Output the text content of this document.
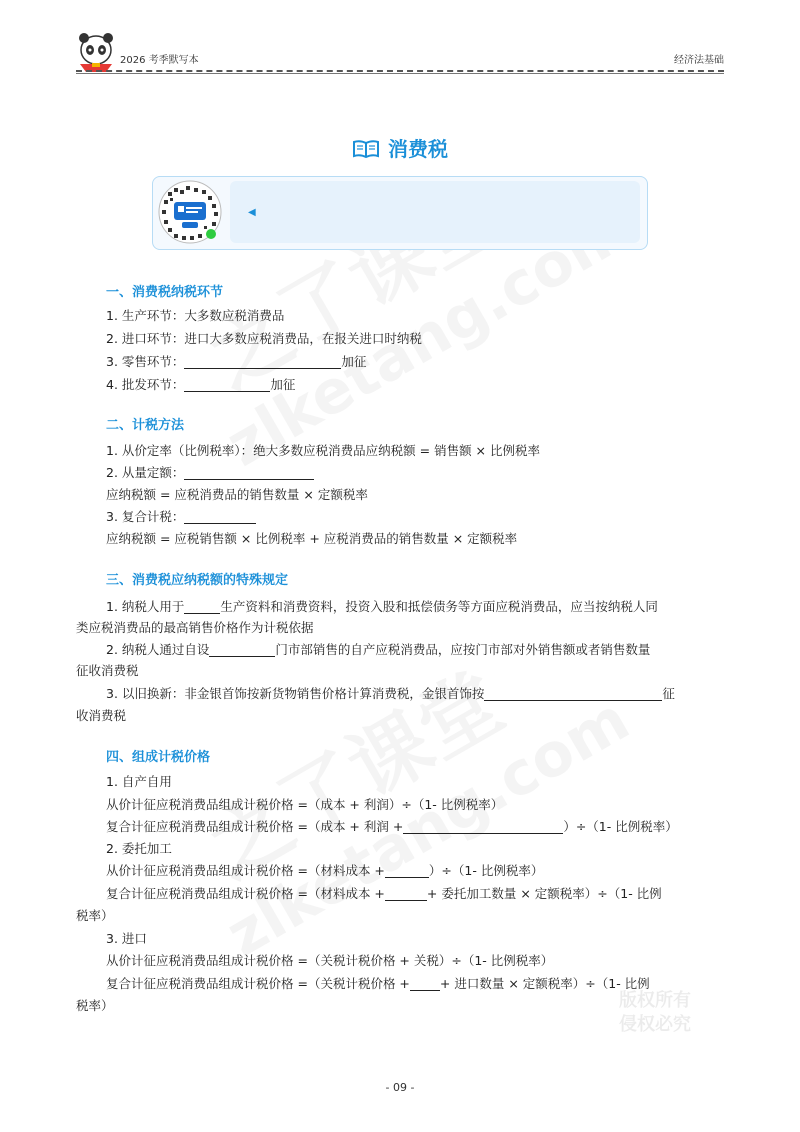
版权所有
侵权必究
2026 考季默写本	经济法基础
消费税
◀
一、消费税纳税环节
1. 生产环节：大多数应税消费品
2. 进口环节：进口大多数应税消费品，在报关进口时纳税
3. 零售环节：	加征
4. 批发环节：	加征
二、计税方法
1. 从价定率（比例税率）：绝大多数应税消费品应纳税额 = 销售额 × 比例税率
2. 从量定额：
应纳税额 = 应税消费品的销售数量 × 定额税率
3. 复合计税：
应纳税额 = 应税销售额 × 比例税率 + 应税消费品的销售数量 × 定额税率
三、消费税应纳税额的特殊规定
1. 纳税人用于	生产资料和消费资料，投资入股和抵偿债务等方面应税消费品，应当按纳税人同
类应税消费品的最高销售价格作为计税依据
2. 纳税人通过自设	门市部销售的自产应税消费品，应按门市部对外销售额或者销售数量
征收消费税
3. 以旧换新：非金银首饰按新货物销售价格计算消费税，金银首饰按	征
收消费税
四、组成计税价格
1. 自产自用
从价计征应税消费品组成计税价格 =（成本 + 利润）÷（1- 比例税率）
复合计征应税消费品组成计税价格 =（成本 + 利润 +	）÷（1- 比例税率）
2. 委托加工
从价计征应税消费品组成计税价格 =（材料成本 +	）÷（1- 比例税率）
复合计征应税消费品组成计税价格 =（材料成本 +	+ 委托加工数量 × 定额税率）÷（1- 比例
税率）
3. 进口
从价计征应税消费品组成计税价格 =（关税计税价格 + 关税）÷（1- 比例税率）
复合计征应税消费品组成计税价格 =（关税计税价格 + + 进口数量 × 定额税率）÷（1- 比例
税率）
- 09 -
